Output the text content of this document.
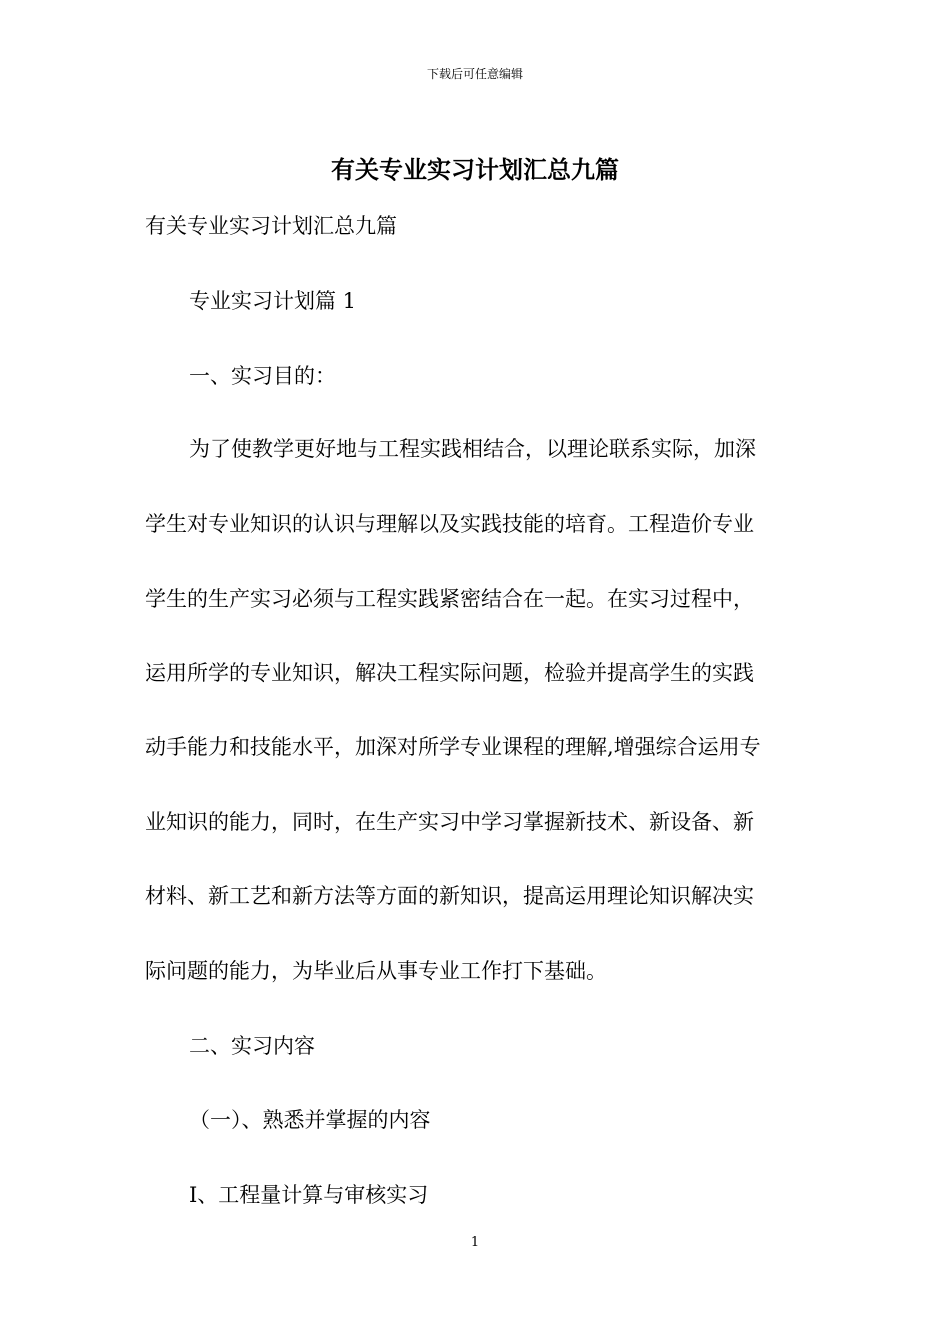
下载后可任意编辑
有关专业实习计划汇总九篇

有关专业实习计划汇总九篇

专业实习计划篇 1

一、实习目的：

为了使教学更好地与工程实践相结合，以理论联系实际，加深

学生对专业知识的认识与理解以及实践技能的培育。工程造价专业

学生的生产实习必须与工程实践紧密结合在一起。在实习过程中，

运用所学的专业知识，解决工程实际问题，检验并提高学生的实践

动手能力和技能水平，加深对所学专业课程的理解,增强综合运用专

业知识的能力，同时，在生产实习中学习掌握新技术、新设备、新

材料、新工艺和新方法等方面的新知识，提高运用理论知识解决实

际问题的能力，为毕业后从事专业工作打下基础。

二、实习内容

（一）、熟悉并掌握的内容

I、工程量计算与审核实习

1
